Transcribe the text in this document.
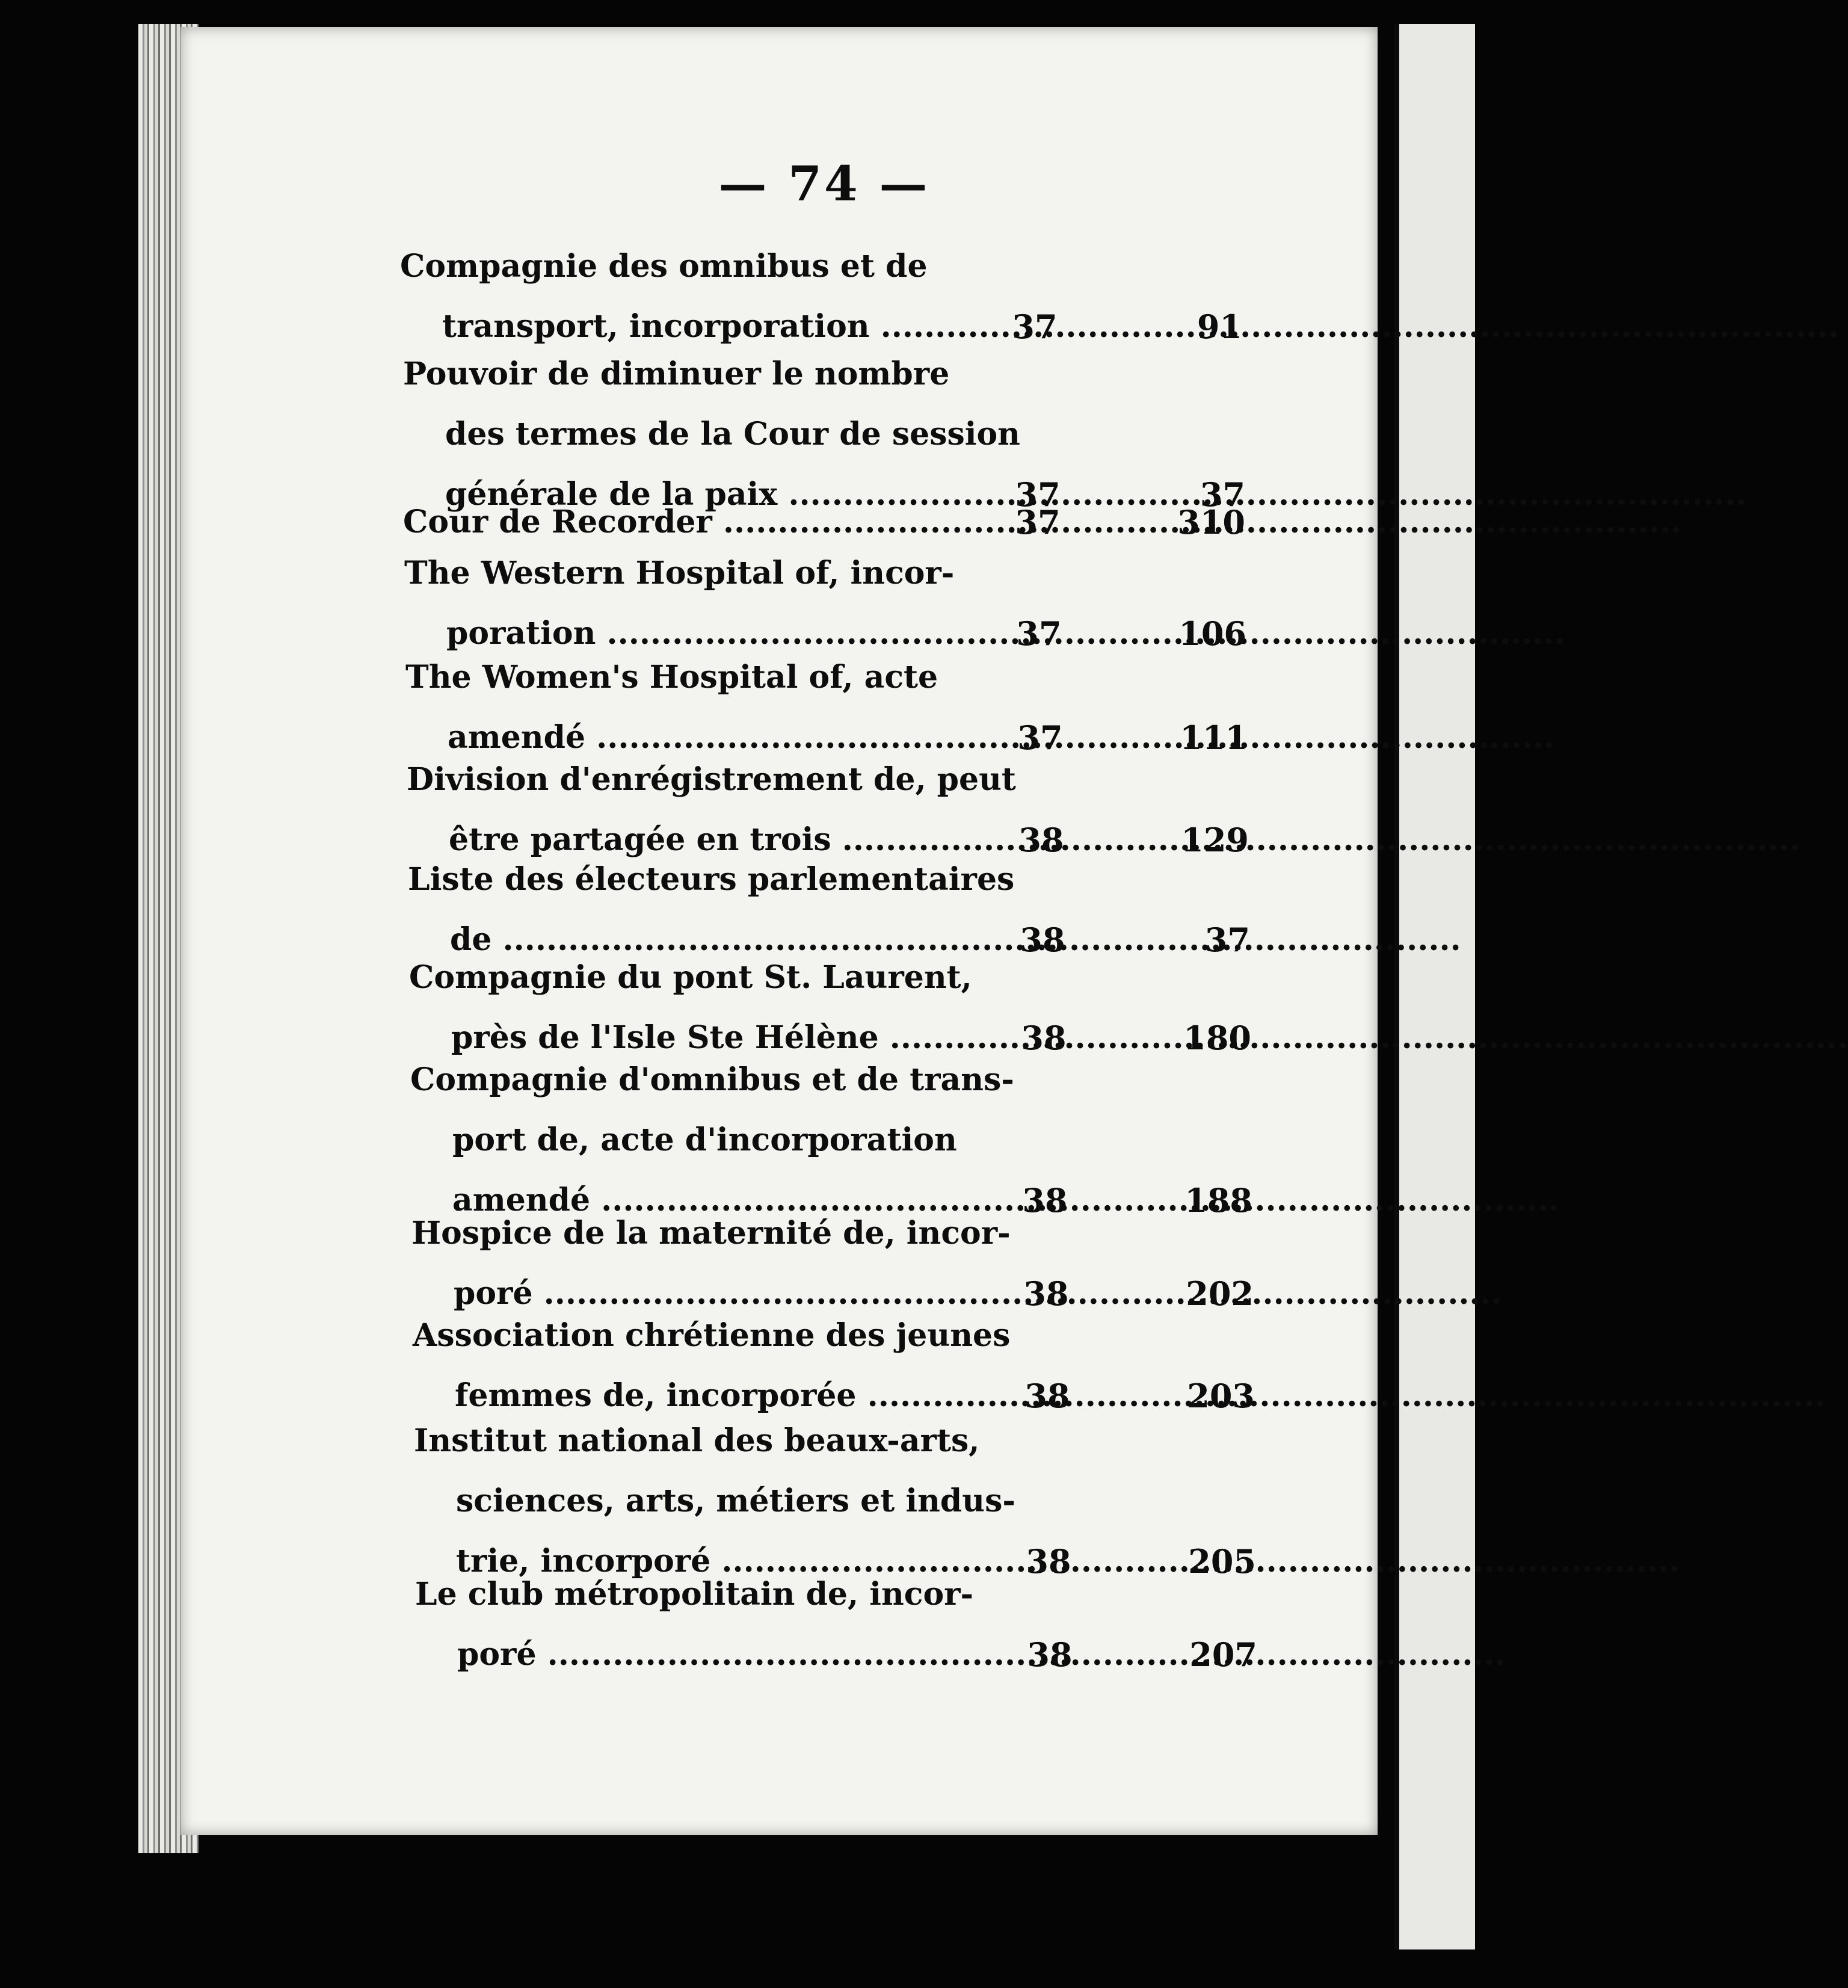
— 74 —
Compagnie des omnibus et de
transport, incorporation .....	37	91
Pouvoir de diminuer le nombre
des termes de la Cour de session
générale de la paix .....	37	37
Cour de Recorder .....	37	310
The Western Hospital of, incor-
poration .....	37	106
The Women's Hospital of, acte
amendé .....	37	111
Division d'enrégistrement de, peut
être partagée en trois .....	38	129
Liste des électeurs parlementaires
de .....	38	37
Compagnie du pont St. Laurent,
près de l'Isle Ste Hélène .....	38	180
Compagnie d'omnibus et de trans-
port de, acte d'incorporation
amendé .....	38	188
Hospice de la maternité de, incor-
poré .....	38	202
Association chrétienne des jeunes
femmes de, incorporée .....	38	203
Institut national des beaux-arts,
sciences, arts, métiers et indus-
trie, incorporé .....	38	205
Le club métropolitain de, incor-
poré .....	38	207
